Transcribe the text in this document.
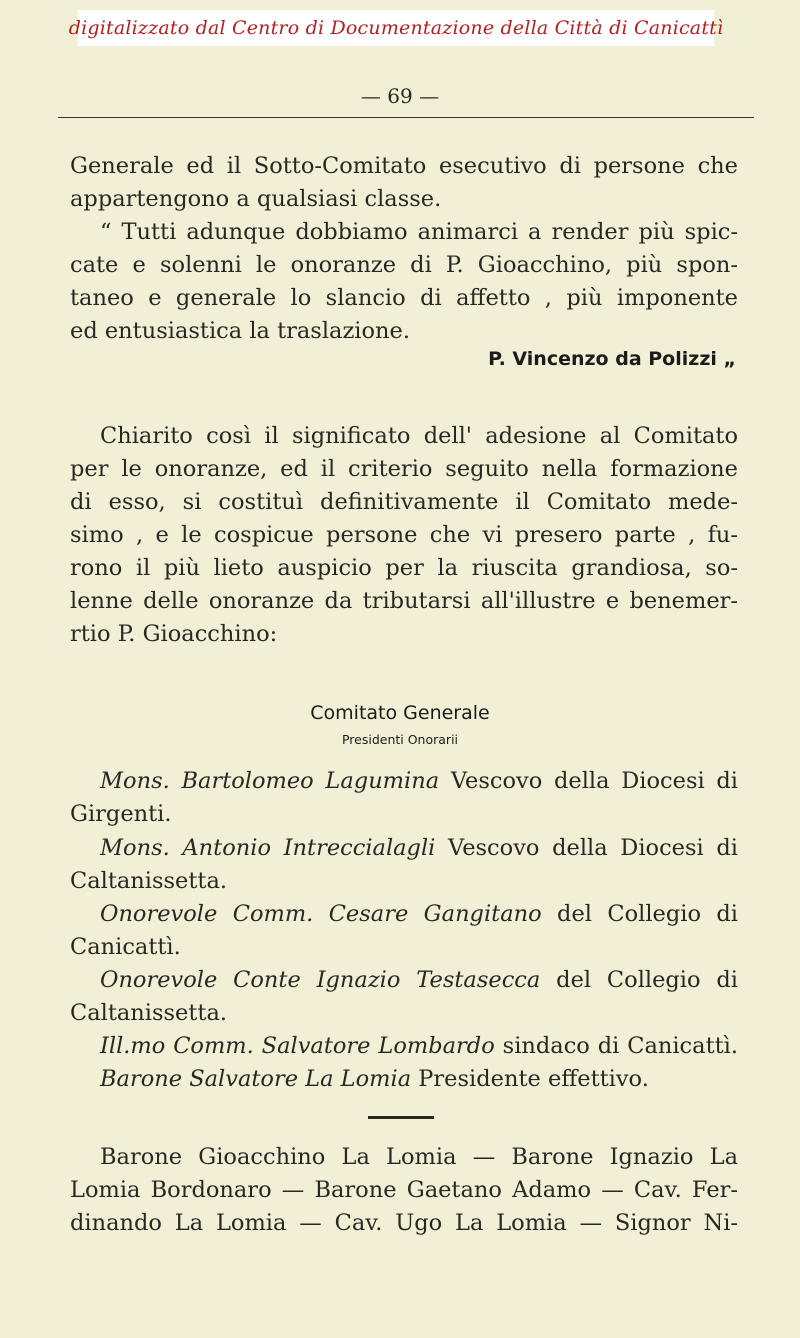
digitalizzato dal Centro di Documentazione della Città di Canicattì
— 69 —
Generale ed il Sotto-Comitato esecutivo di persone che
appartengono a qualsiasi classe.
“ Tutti adunque dobbiamo animarci a render più spic-
cate e solenni le onoranze di P. Gioacchino, più spon-
taneo e generale lo slancio di affetto , più imponente
ed entusiastica la traslazione.
P. Vincenzo da Polizzi „
Chiarito così il significato dell' adesione al Comitato
per le onoranze, ed il criterio seguito nella formazione
di esso, si costituì definitivamente il Comitato mede-
simo , e le cospicue persone che vi presero parte , fu-
rono il più lieto auspicio per la riuscita grandiosa, so-
lenne delle onoranze da tributarsi all'illustre e benemer-
rtio P. Gioacchino:
Comitato Generale
Presidenti Onorarii
Mons. Bartolomeo Lagumina Vescovo della Diocesi di
Girgenti.
Mons. Antonio Intreccialagli Vescovo della Diocesi di
Caltanissetta.
Onorevole Comm. Cesare Gangitano del Collegio di
Canicattì.
Onorevole Conte Ignazio Testasecca del Collegio di
Caltanissetta.
Ill.mo Comm. Salvatore Lombardo sindaco di Canicattì.
Barone Salvatore La Lomia Presidente effettivo.
Barone Gioacchino La Lomia — Barone Ignazio La
Lomia Bordonaro — Barone Gaetano Adamo — Cav. Fer-
dinando La Lomia — Cav. Ugo La Lomia — Signor Ni-
